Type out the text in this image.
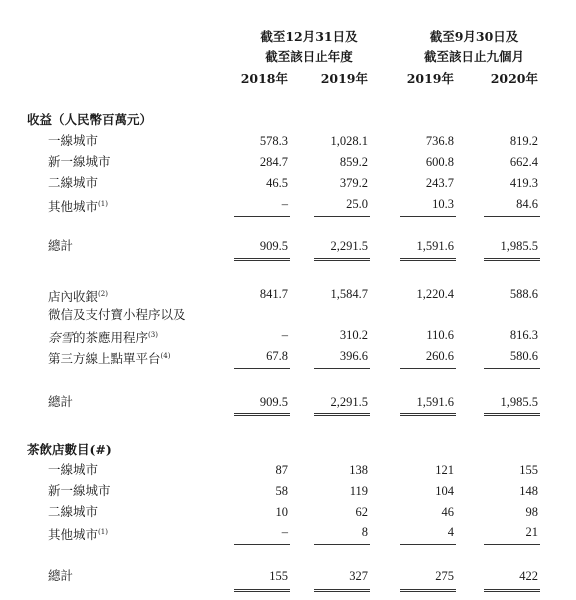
截至12月31日及
截至該日止年度
截至9月30日及
截至該日止九個月
2018年	2019年	2019年	2020年
收益（人民幣百萬元）
一線城市	578.3	1,028.1	736.8	819.2
新一線城市	284.7	859.2	600.8	662.4
二線城市	46.5	379.2	243.7	419.3
其他城市$^{(1)}$	–	25.0	10.3	84.6
總計	909.5	2,291.5	1,591.6	1,985.5
店內收銀$^{(2)}$	841.7	1,584.7	1,220.4	588.6
微信及支付寶小程序以及
奈雪的茶應用程序$^{(3)}$	–	310.2	110.6	816.3
第三方線上點單平台$^{(4)}$	67.8	396.6	260.6	580.6
總計	909.5	2,291.5	1,591.6	1,985.5
茶飲店數目(#)
一線城市	87	138	121	155
新一線城市	58	119	104	148
二線城市	10	62	46	98
其他城市$^{(1)}$	–	8	4	21
總計	155	327	275	422
